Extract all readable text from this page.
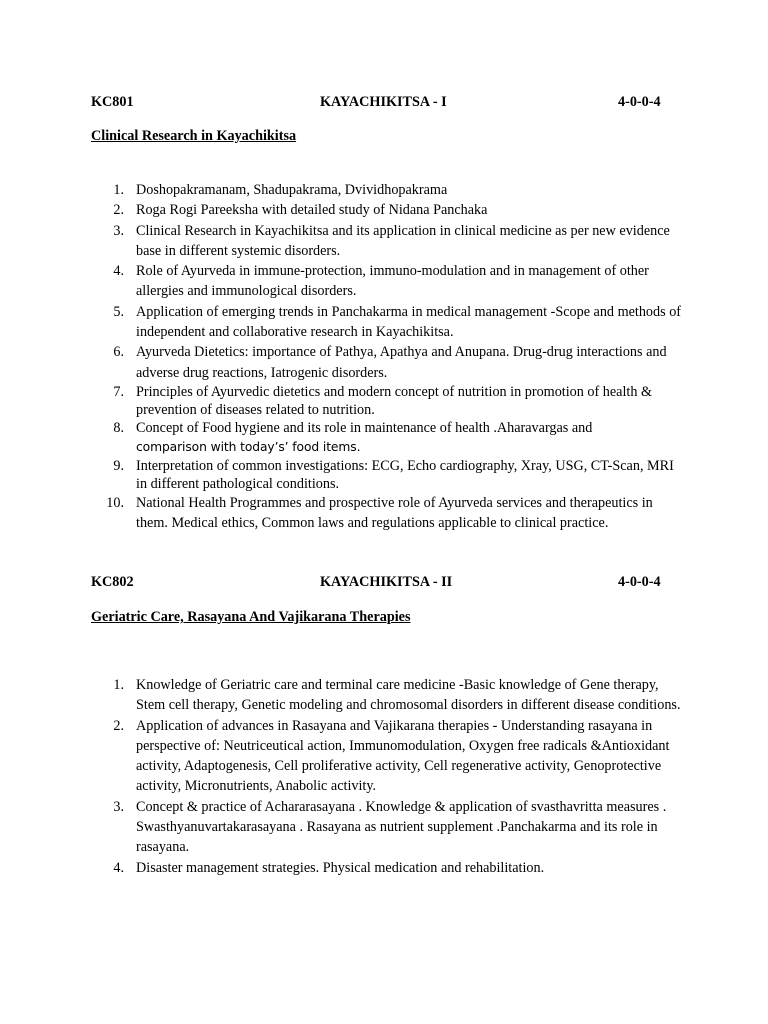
KC801	KAYACHIKITSA - I	4-0-0-4
Clinical Research in Kayachikitsa
1. Doshopakramanam, Shadupakrama, Dvividhopakrama
2. Roga Rogi Pareeksha with detailed study of Nidana Panchaka
3. Clinical Research in Kayachikitsa and its application in clinical medicine as per new evidence base in different systemic disorders.
4. Role of Ayurveda in immune-protection, immuno-modulation and in management of other allergies and immunological disorders.
5. Application of emerging trends in Panchakarma in medical management -Scope and methods of independent and collaborative research in Kayachikitsa.
6. Ayurveda Dietetics: importance of Pathya, Apathya and Anupana. Drug-drug interactions and adverse drug reactions, Iatrogenic disorders.
7. Principles of Ayurvedic dietetics and modern concept of nutrition in promotion of health & prevention of diseases related to nutrition.
8. Concept of Food hygiene and its role in maintenance of health .Aharavargas and
comparison with today’s’ food items.
9. Interpretation of common investigations: ECG, Echo cardiography, Xray, USG, CT-Scan, MRI in different pathological conditions.
10. National Health Programmes and prospective role of Ayurveda services and therapeutics in them. Medical ethics, Common laws and regulations applicable to clinical practice.
KC802	KAYACHIKITSA - II	4-0-0-4
Geriatric Care, Rasayana And Vajikarana Therapies
1. Knowledge of Geriatric care and terminal care medicine -Basic knowledge of Gene therapy, Stem cell therapy, Genetic modeling and chromosomal disorders in different disease conditions.
2. Application of advances in Rasayana and Vajikarana therapies - Understanding rasayana in perspective of: Neutriceutical action, Immunomodulation, Oxygen free radicals &Antioxidant activity, Adaptogenesis, Cell proliferative activity, Cell regenerative activity, Genoprotective activity, Micronutrients, Anabolic activity.
3. Concept & practice of Achararasayana . Knowledge & application of svasthavritta measures . Swasthyanuvartakarasayana . Rasayana as nutrient supplement .Panchakarma and its role in rasayana.
4. Disaster management strategies. Physical medication and rehabilitation.
